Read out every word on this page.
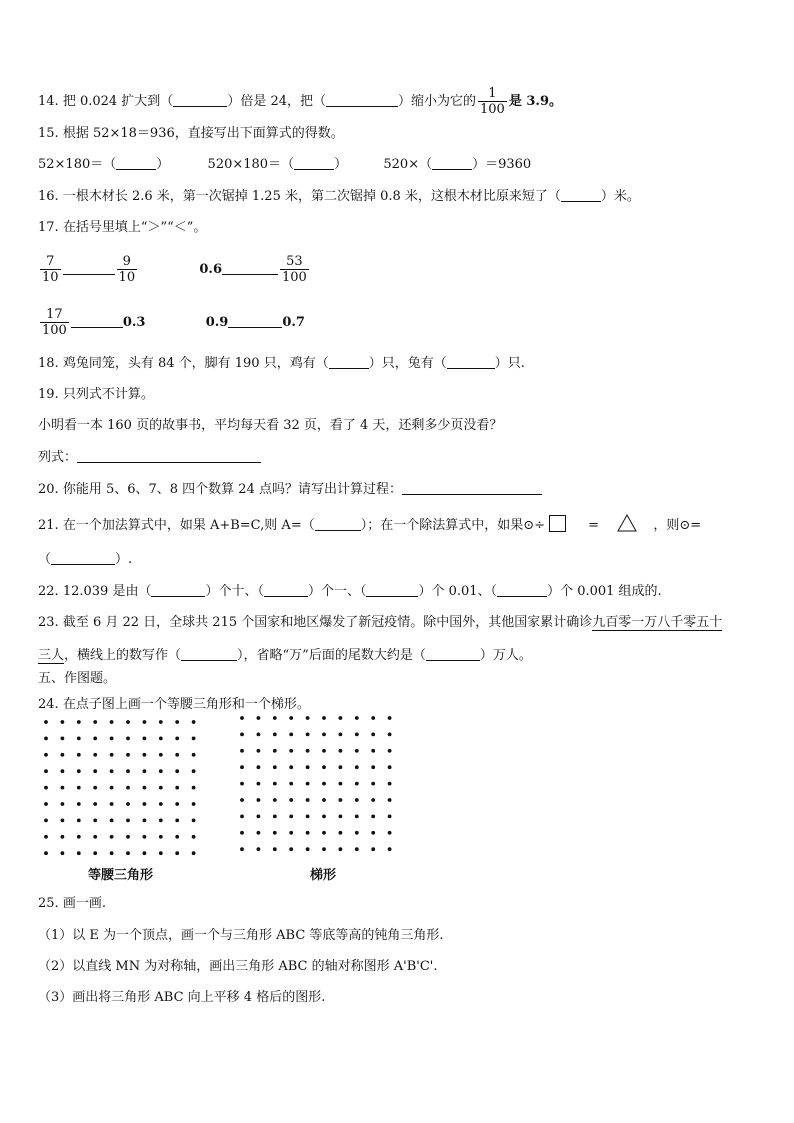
14. 把 0.024 扩大到（	）倍是 24，把（	）缩小为它的 $\frac{1}{100}$ 是 3.9。
15. 根据 52×18＝936，直接写出下面算式的得数。
52×180＝（	）	520×180＝（	）	520×（	）＝9360
16. 一根木材长 2.6 米，第一次锯掉 1.25 米，第二次锯掉 0.8 米，这根木材比原来短了（	）米。
17. 在括号里填上“＞”“＜”。
$\frac{7}{10}$	$\frac{9}{10}$	0.6	$\frac{53}{100}$
$\frac{17}{100}$	0.3	0.9	0.7
18. 鸡兔同笼，头有 84 个，脚有 190 只，鸡有（	）只，兔有（	）只.
19. 只列式不计算。
小明看一本 160 页的故事书，平均每天看 32 页，看了 4 天，还剩多少页没看？
列式：
20. 你能用 5、6、7、8 四个数算 24 点吗？请写出计算过程：
21. 在一个加法算式中，如果 A+B=C,则 A=（	）；在一个除法算式中，如果⊙÷	=	，则⊙=
（	）.
22. 12.039 是由（	）个十、（	）个一、（	）个 0.01、（	）个 0.001 组成的.
23. 截至 6 月 22 日，全球共 215 个国家和地区爆发了新冠疫情。除中国外，其他国家累计确诊九百零一万八千零五十
三人，横线上的数写作（	），省略“万”后面的尾数大约是（	）万人。
五、作图题。
24. 在点子图上画一个等腰三角形和一个梯形。
等腰三角形	梯形
25. 画一画.
（1）以 E 为一个顶点，画一个与三角形 ABC 等底等高的钝角三角形.
（2）以直线 MN 为对称轴，画出三角形 ABC 的轴对称图形 A'B'C'.
（3）画出将三角形 ABC 向上平移 4 格后的图形.
